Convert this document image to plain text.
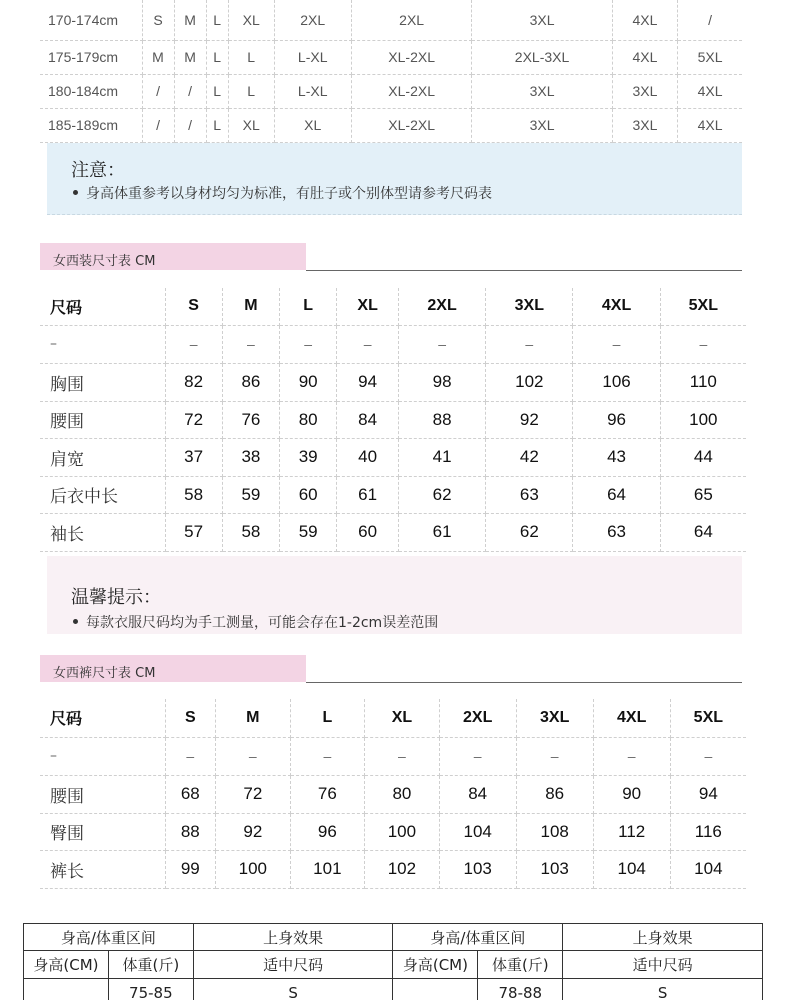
170-174cm	S	M	L	XL	2XL	2XL	3XL	4XL	/
175-179cm	M	M	L	L	L-XL	XL-2XL	2XL-3XL	4XL	5XL
180-184cm	/	/	L	L	L-XL	XL-2XL	3XL	3XL	4XL
185-189cm	/	/	L	XL	XL	XL-2XL	3XL	3XL	4XL
注意：
身高体重参考以身材均匀为标准，有肚子或个别体型请参考尺码表
女西装尺寸表 CM
尺码	S	M	L	XL	2XL	3XL	4XL	5XL
–	–	–	–	–	–	–	–	–
胸围	82	86	90	94	98	102	106	110
腰围	72	76	80	84	88	92	96	100
肩宽	37	38	39	40	41	42	43	44
后衣中长	58	59	60	61	62	63	64	65
袖长	57	58	59	60	61	62	63	64
温馨提示：
每款衣服尺码均为手工测量，可能会存在1-2cm误差范围
女西裤尺寸表 CM
尺码	S	M	L	XL	2XL	3XL	4XL	5XL
–	–	–	–	–	–	–	–	–
腰围	68	72	76	80	84	86	90	94
臀围	88	92	96	100	104	108	112	116
裤长	99	100	101	102	103	103	104	104
身高/体重区间		上身效果	身高/体重区间		上身效果
身高(CM)	体重(斤)	适中尺码	身高(CM)	体重(斤)	适中尺码
	75-85	S		78-88	S
